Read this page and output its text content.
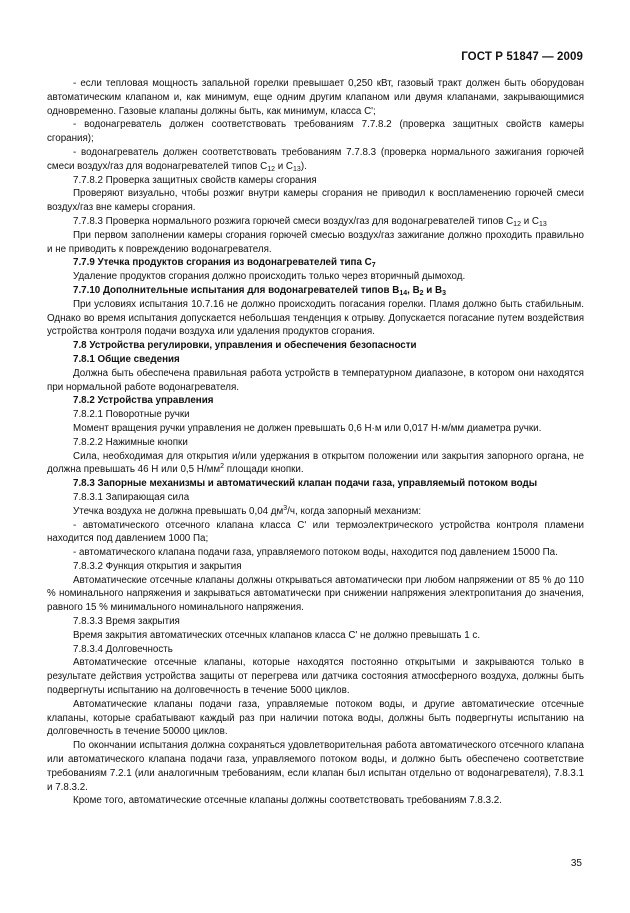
ГОСТ Р 51847 — 2009

- если тепловая мощность запальной горелки превышает 0,250 кВт, газовый тракт должен быть оборудован автоматическим клапаном и, как минимум, еще одним другим клапаном или двумя клапанами, закрывающимися одновременно. Газовые клапаны должны быть, как минимум, класса С';

- водонагреватель должен соответствовать требованиям 7.7.8.2 (проверка защитных свойств камеры сгорания);

- водонагреватель должен соответствовать требованиям 7.7.8.3 (проверка нормального зажигания горючей смеси воздух/газ для водонагревателей типов $С_{12}$ и $С_{13}$).

7.7.8.2 Проверка защитных свойств камеры сгорания

Проверяют визуально, чтобы розжиг внутри камеры сгорания не приводил к воспламенению горючей смеси воздух/газ вне камеры сгорания.

7.7.8.3 Проверка нормального розжига горючей смеси воздух/газ для водонагревателей типов $С_{12}$ и $С_{13}$

При первом заполнении камеры сгорания горючей смесью воздух/газ зажигание должно проходить правильно и не приводить к повреждению водонагревателя.

7.7.9 Утечка продуктов сгорания из водонагревателей типа $С_7$

Удаление продуктов сгорания должно происходить только через вторичный дымоход.

7.7.10 Дополнительные испытания для водонагревателей типов $В_{14}$, $В_2$ и $В_3$

При условиях испытания 10.7.16 не должно происходить погасания горелки. Пламя должно быть стабильным. Однако во время испытания допускается небольшая тенденция к отрыву. Допускается погасание путем воздействия устройства контроля подачи воздуха или удаления продуктов сгорания.

7.8 Устройства регулировки, управления и обеспечения безопасности

7.8.1 Общие сведения

Должна быть обеспечена правильная работа устройств в температурном диапазоне, в котором они находятся при нормальной работе водонагревателя.

7.8.2 Устройства управления

7.8.2.1 Поворотные ручки

Момент вращения ручки управления не должен превышать 0,6 Н·м или 0,017 Н·м/мм диаметра ручки.

7.8.2.2 Нажимные кнопки

Сила, необходимая для открытия и/или удержания в открытом положении или закрытия запорного органа, не должна превышать 46 Н или 0,5 $Н/мм^2$ площади кнопки.

7.8.3 Запорные механизмы и автоматический клапан подачи газа, управляемый потоком воды

7.8.3.1 Запирающая сила

Утечка воздуха не должна превышать 0,04 $дм^3/ч$, когда запорный механизм:

- автоматического отсечного клапана класса С' или термоэлектрического устройства контроля пламени находится под давлением 1000 Па;

- автоматического клапана подачи газа, управляемого потоком воды, находится под давлением 15000 Па.

7.8.3.2 Функция открытия и закрытия

Автоматические отсечные клапаны должны открываться автоматически при любом напряжении от 85 % до 110 % номинального напряжения и закрываться автоматически при снижении напряжения электропитания до значения, равного 15 % минимального номинального напряжения.

7.8.3.3 Время закрытия

Время закрытия автоматических отсечных клапанов класса С' не должно превышать 1 с.

7.8.3.4 Долговечность

Автоматические отсечные клапаны, которые находятся постоянно открытыми и закрываются только в результате действия устройства защиты от перегрева или датчика состояния атмосферного воздуха, должны быть подвергнуты испытанию на долговечность в течение 5000 циклов.

Автоматические клапаны подачи газа, управляемые потоком воды, и другие автоматические отсечные клапаны, которые срабатывают каждый раз при наличии потока воды, должны быть подвергнуты испытанию на долговечность в течение 50000 циклов.

По окончании испытания должна сохраняться удовлетворительная работа автоматического отсечного клапана или автоматического клапана подачи газа, управляемого потоком воды, и должно быть обеспечено соответствие требованиям 7.2.1 (или аналогичным требованиям, если клапан был испытан отдельно от водонагревателя), 7.8.3.1 и 7.8.3.2.

Кроме того, автоматические отсечные клапаны должны соответствовать требованиям 7.8.3.2.

35
